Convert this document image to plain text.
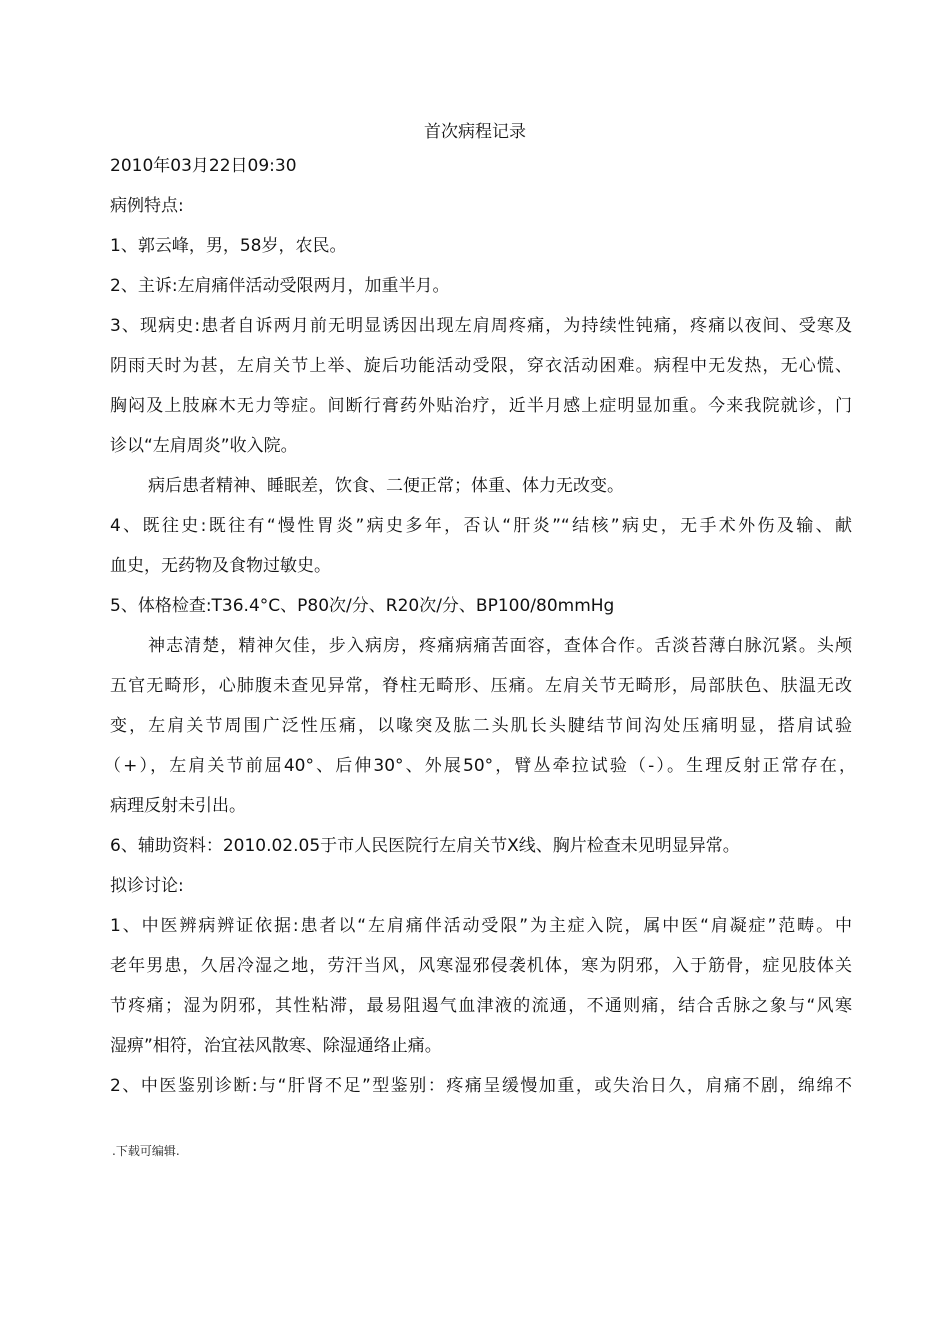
首次病程记录
2010年03月22日09:30
病例特点:
1、郭云峰，男，58岁，农民。
2、主诉:左肩痛伴活动受限两月，加重半月。
3、现病史:患者自诉两月前无明显诱因出现左肩周疼痛，为持续性钝痛，疼痛以夜间、受寒及
阴雨天时为甚，左肩关节上举、旋后功能活动受限，穿衣活动困难。病程中无发热，无心慌、
胸闷及上肢麻木无力等症。间断行膏药外贴治疗，近半月感上症明显加重。今来我院就诊，门
诊以“左肩周炎”收入院。
病后患者精神、睡眠差，饮食、二便正常；体重、体力无改变。
4、既往史:既往有“慢性胃炎”病史多年，否认“肝炎”“结核”病史，无手术外伤及输、献
血史，无药物及食物过敏史。
5、体格检查:T36.4°C、P80次/分、R20次/分、BP100/80mmHg
神志清楚，精神欠佳，步入病房，疼痛病痛苦面容，查体合作。舌淡苔薄白脉沉紧。头颅
五官无畸形，心肺腹未查见异常，脊柱无畸形、压痛。左肩关节无畸形，局部肤色、肤温无改
变，左肩关节周围广泛性压痛，以喙突及肱二头肌长头腱结节间沟处压痛明显，搭肩试验
（+），左肩关节前屈40°、后伸30°、外展50°，臂丛牵拉试验（-）。生理反射正常存在，
病理反射未引出。
6、辅助资料：2010.02.05于市人民医院行左肩关节X线、胸片检查未见明显异常。
拟诊讨论:
1、中医辨病辨证依据:患者以“左肩痛伴活动受限”为主症入院，属中医“肩凝症”范畴。中
老年男患，久居冷湿之地，劳汗当风，风寒湿邪侵袭机体，寒为阴邪，入于筋骨，症见肢体关
节疼痛；湿为阴邪，其性粘滞，最易阻遏气血津液的流通，不通则痛，结合舌脉之象与“风寒
湿痹”相符，治宜祛风散寒、除湿通络止痛。
2、中医鉴别诊断:与“肝肾不足”型鉴别：疼痛呈缓慢加重，或失治日久，肩痛不剧，绵绵不
.下载可编辑.
